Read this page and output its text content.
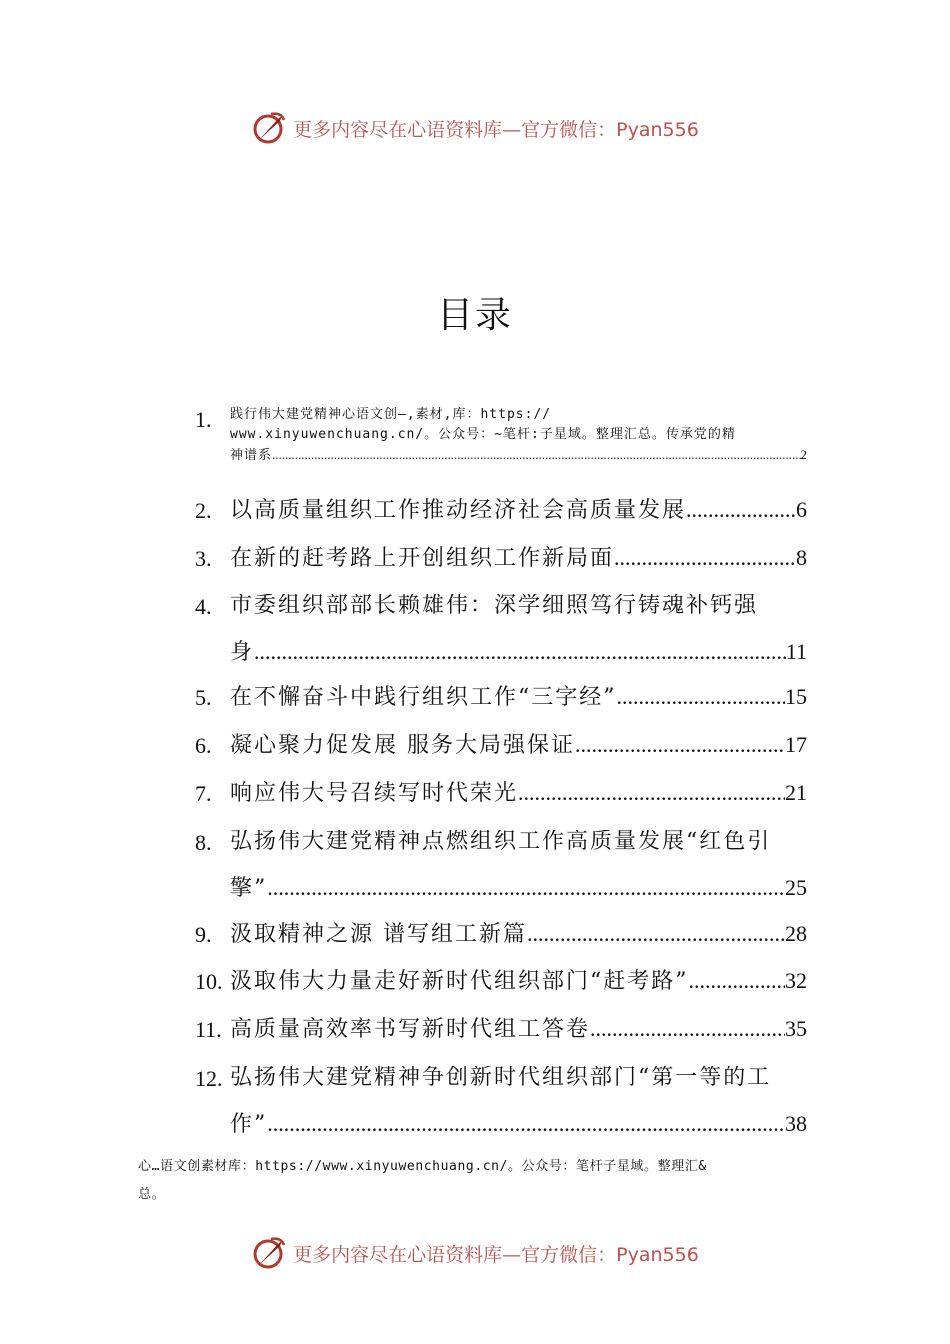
更多内容尽在心语资料库—官方微信：Pyan556
目录
1. 践行伟大建党精神心语文创—,素材,库：https://
www.xinyuwenchuang.cn/。公众号：~笔杆:子星域。整理汇总。传承党的精
神谱系 .....	2
2. 以高质量组织工作推动经济社会高质量发展 .....	6
3. 在新的赶考路上开创组织工作新局面 .....	8
4. 市委组织部部长赖雄伟：深学细照笃行铸魂补钙强
身 .....	11
5. 在不懈奋斗中践行组织工作“三字经” .....	15
6. 凝心聚力促发展 服务大局强保证 .....	17
7. 响应伟大号召续写时代荣光 .....	21
8. 弘扬伟大建党精神点燃组织工作高质量发展“红色引
擎” .....	25
9. 汲取精神之源 谱写组工新篇 .....	28
10. 汲取伟大力量走好新时代组织部门“赶考路” .....	32
11. 高质量高效率书写新时代组工答卷 .....	35
12. 弘扬伟大建党精神争创新时代组织部门“第一等的工
作” .....	38
心…语文创素材库：https://www.xinyuwenchuang.cn/。公众号：笔杆子星域。整理汇&
总。
更多内容尽在心语资料库—官方微信：Pyan556
